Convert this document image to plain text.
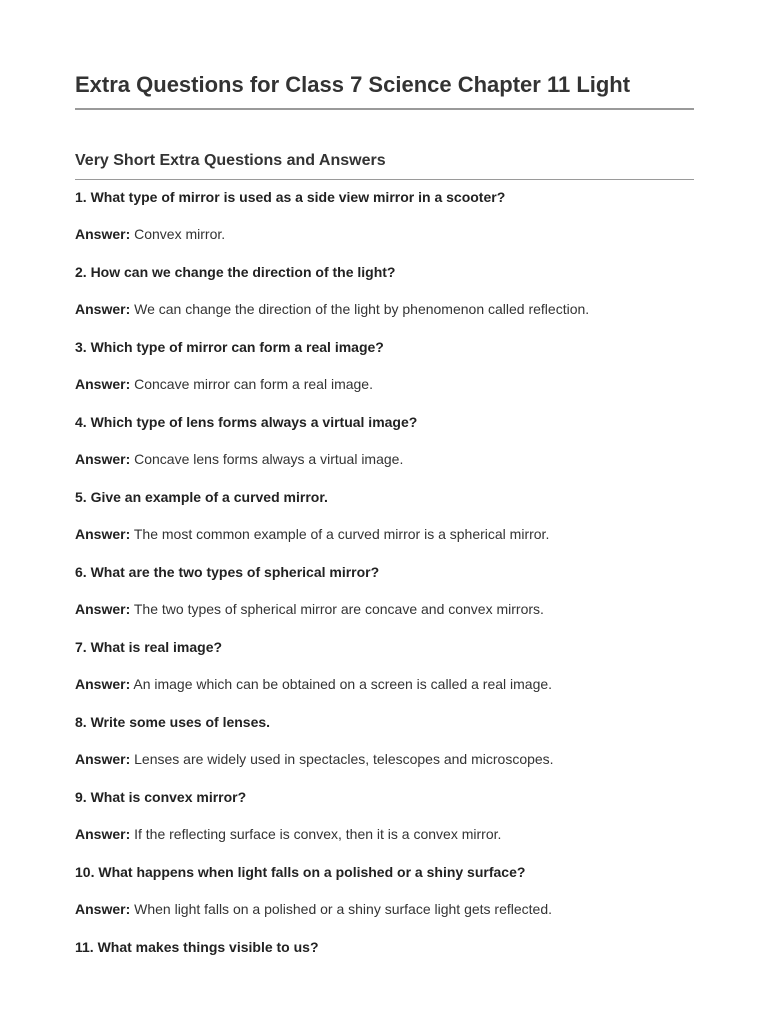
Extra Questions for Class 7 Science Chapter 11 Light
Very Short Extra Questions and Answers
1. What type of mirror is used as a side view mirror in a scooter?
Answer: Convex mirror.
2. How can we change the direction of the light?
Answer: We can change the direction of the light by phenomenon called reflection.
3. Which type of mirror can form a real image?
Answer: Concave mirror can form a real image.
4. Which type of lens forms always a virtual image?
Answer: Concave lens forms always a virtual image.
5. Give an example of a curved mirror.
Answer: The most common example of a curved mirror is a spherical mirror.
6. What are the two types of spherical mirror?
Answer: The two types of spherical mirror are concave and convex mirrors.
7. What is real image?
Answer: An image which can be obtained on a screen is called a real image.
8. Write some uses of lenses.
Answer: Lenses are widely used in spectacles, telescopes and microscopes.
9. What is convex mirror?
Answer: If the reflecting surface is convex, then it is a convex mirror.
10. What happens when light falls on a polished or a shiny surface?
Answer: When light falls on a polished or a shiny surface light gets reflected.
11. What makes things visible to us?
